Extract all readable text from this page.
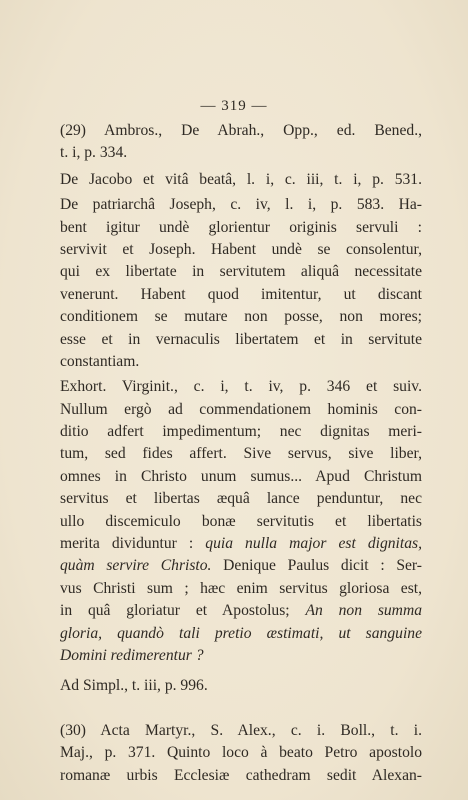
— 319 —
(29) Ambros., De Abrah., Opp., ed. Bened.,
t. i, p. 334.
De Jacobo et vitâ beatâ, l. i, c. iii, t. i, p. 531.
De patriarchâ Joseph, c. iv, l. i, p. 583. Ha-
bent igitur undè glorientur originis servuli :
servivit et Joseph. Habent undè se consolentur,
qui ex libertate in servitutem aliquâ necessitate
venerunt. Habent quod imitentur, ut discant
conditionem se mutare non posse, non mores;
esse et in vernaculis libertatem et in servitute
constantiam.
Exhort. Virginit., c. i, t. iv, p. 346 et suiv.
Nullum ergò ad commendationem hominis con-
ditio adfert impedimentum; nec dignitas meri-
tum, sed fides affert. Sive servus, sive liber,
omnes in Christo unum sumus... Apud Christum
servitus et libertas æquâ lance penduntur, nec
ullo discemiculo bonæ servitutis et libertatis
merita dividuntur : quia nulla major est dignitas,
quàm servire Christo. Denique Paulus dicit : Ser-
vus Christi sum ; hæc enim servitus gloriosa est,
in quâ gloriatur et Apostolus; An non summa
gloria, quandò tali pretio æstimati, ut sanguine
Domini redimerentur ?
Ad Simpl., t. iii, p. 996.
(30) Acta Martyr., S. Alex., c. i. Boll., t. i.
Maj., p. 371. Quinto loco à beato Petro apostolo
romanæ urbis Ecclesiæ cathedram sedit Alexan-
